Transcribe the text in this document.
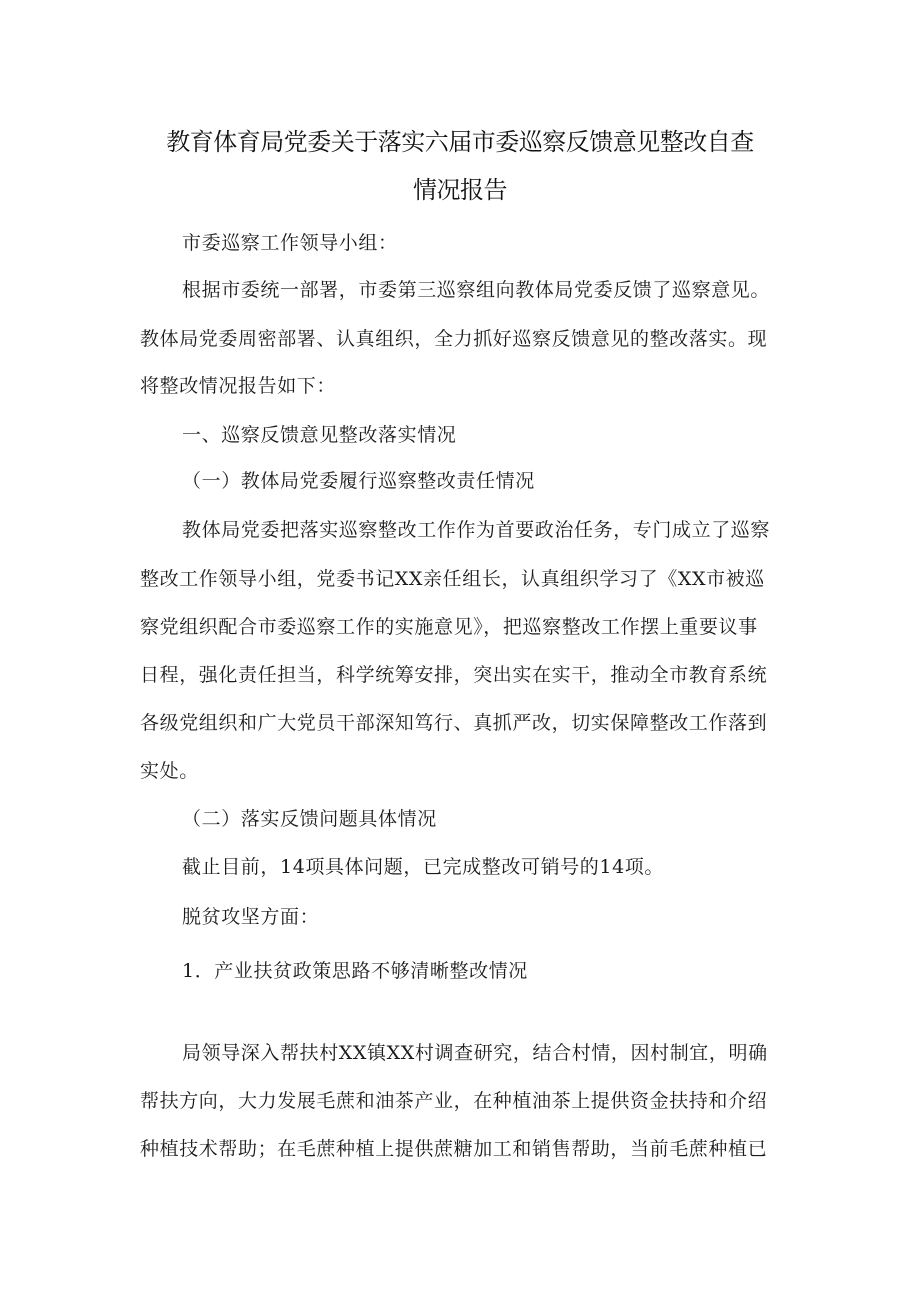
教育体育局党委关于落实六届市委巡察反馈意见整改自查
情况报告
市委巡察工作领导小组：
根据市委统一部署，市委第三巡察组向教体局党委反馈了巡察意见。
教体局党委周密部署、认真组织，全力抓好巡察反馈意见的整改落实。现
将整改情况报告如下：
一、巡察反馈意见整改落实情况
（一）教体局党委履行巡察整改责任情况
教体局党委把落实巡察整改工作作为首要政治任务，专门成立了巡察
整改工作领导小组，党委书记XX亲任组长，认真组织学习了《XX市被巡
察党组织配合市委巡察工作的实施意见》，把巡察整改工作摆上重要议事
日程，强化责任担当，科学统筹安排，突出实在实干，推动全市教育系统
各级党组织和广大党员干部深知笃行、真抓严改，切实保障整改工作落到
实处。
（二）落实反馈问题具体情况
截止目前，14项具体问题，已完成整改可销号的14项。
脱贫攻坚方面：
1．产业扶贫政策思路不够清晰整改情况
局领导深入帮扶村XX镇XX村调查研究，结合村情，因村制宜，明确
帮扶方向，大力发展毛蔗和油茶产业，在种植油茶上提供资金扶持和介绍
种植技术帮助；在毛蔗种植上提供蔗糖加工和销售帮助，当前毛蔗种植已
